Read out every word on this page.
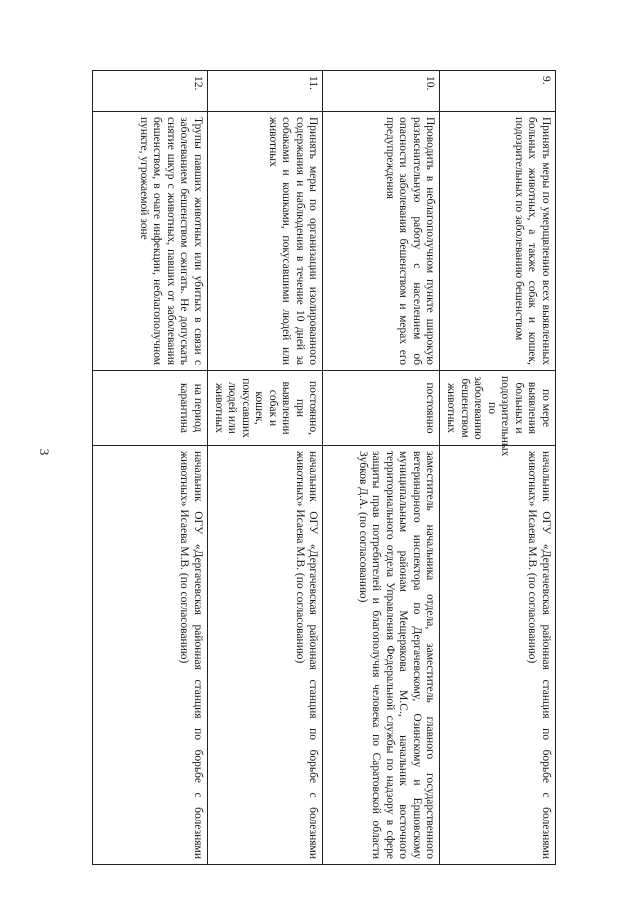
3
9.	Принять меры по умерщвлению всех выявленных больных животных, а также собак и кошек, подозрительных по заболеванию бешенством	по мере выявления больных и подозрительных по заболеванию бешенством животных	начальник ОГУ «Дергачевская районная станция по борьбе с болезнями животных» Исаева М.В. (по согласованию)
10.	Проводить в неблагополучном пункте широкую разъяснительную работу с населением об опасности заболевания бешенством и мерах его предупреждения	постоянно	заместитель начальника отдела, заместитель главного государственного ветеринарного инспектора по Дергачевскому, Озинскому и Ершовскому муниципальным районам Мещерякова М.С., начальник восточного территориального отдела Управления Федеральной службы по надзору в сфере защиты прав потребителей и благополучия человека по Саратовской области Зубков Д.А. (по согласованию)
11.	Принять меры по организации изолированного содержания и наблюдения в течение 10 дней за собаками и кошками, покусавшими людей или животных	постоянно, при выявлении собак и кошек, покусавших людей или животных	начальник ОГУ «Дергачевская районная станция по борьбе с болезнями животных» Исаева М.В. (по согласованию)
12.	Трупы павших животных или убитых в связи с заболеванием бешенством сжигать. Не допускать снятие шкур с животных, павших от заболевания бешенством, в очаге инфекции, неблагополучном пункте, угрожаемой зоне	на период карантина	начальник ОГУ «Дергачевская районная станция по борьбе с болезнями животных» Исаева М.В. (по согласованию)
